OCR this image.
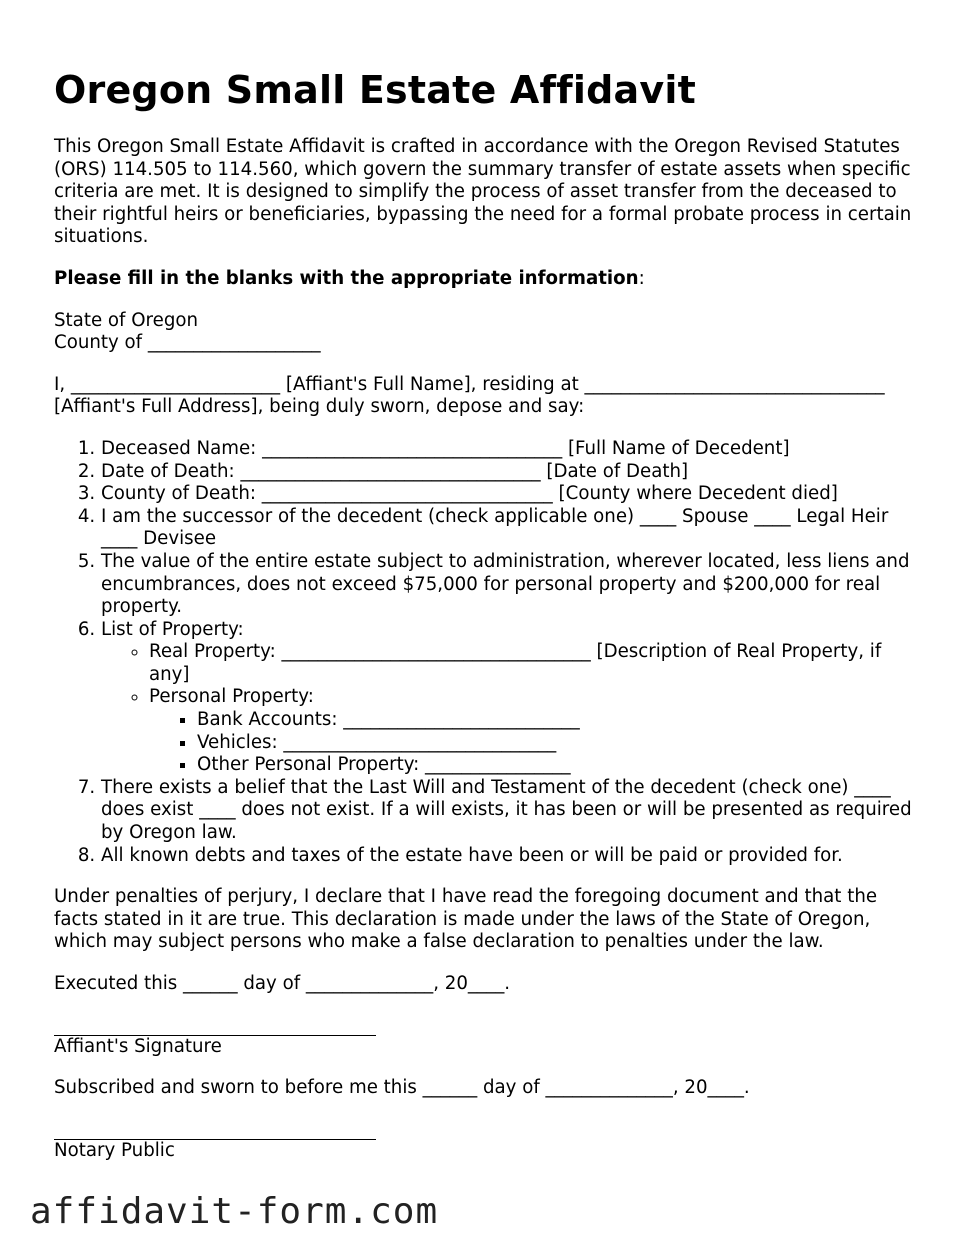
Oregon Small Estate Affidavit

This Oregon Small Estate Affidavit is crafted in accordance with the Oregon Revised Statutes (ORS) 114.505 to 114.560, which govern the summary transfer of estate assets when specific criteria are met. It is designed to simplify the process of asset transfer from the deceased to their rightful heirs or beneficiaries, bypassing the need for a formal probate process in certain situations.

Please fill in the blanks with the appropriate information:

State of Oregon
County of ___________________

I, _______________________ [Affiant's Full Name], residing at _________________________________ [Affiant's Full Address], being duly sworn, depose and say:

1. Deceased Name: _________________________________ [Full Name of Decedent]
2. Date of Death: _________________________________ [Date of Death]
3. County of Death: ________________________________ [County where Decedent died]
4. I am the successor of the decedent (check applicable one) ____ Spouse ____ Legal Heir ____ Devisee
5. The value of the entire estate subject to administration, wherever located, less liens and encumbrances, does not exceed $75,000 for personal property and $200,000 for real property.
6. List of Property:
◦ Real Property: __________________________________ [Description of Real Property, if any]
◦ Personal Property:
▪ Bank Accounts: __________________________
▪ Vehicles: ______________________________
▪ Other Personal Property: ________________
7. There exists a belief that the Last Will and Testament of the decedent (check one) ____ does exist ____ does not exist. If a will exists, it has been or will be presented as required by Oregon law.
8. All known debts and taxes of the estate have been or will be paid or provided for.

Under penalties of perjury, I declare that I have read the foregoing document and that the facts stated in it are true. This declaration is made under the laws of the State of Oregon, which may subject persons who make a false declaration to penalties under the law.

Executed this ______ day of ______________, 20____.

Affiant's Signature

Subscribed and sworn to before me this ______ day of ______________, 20____.

Notary Public
affidavit-form.com
